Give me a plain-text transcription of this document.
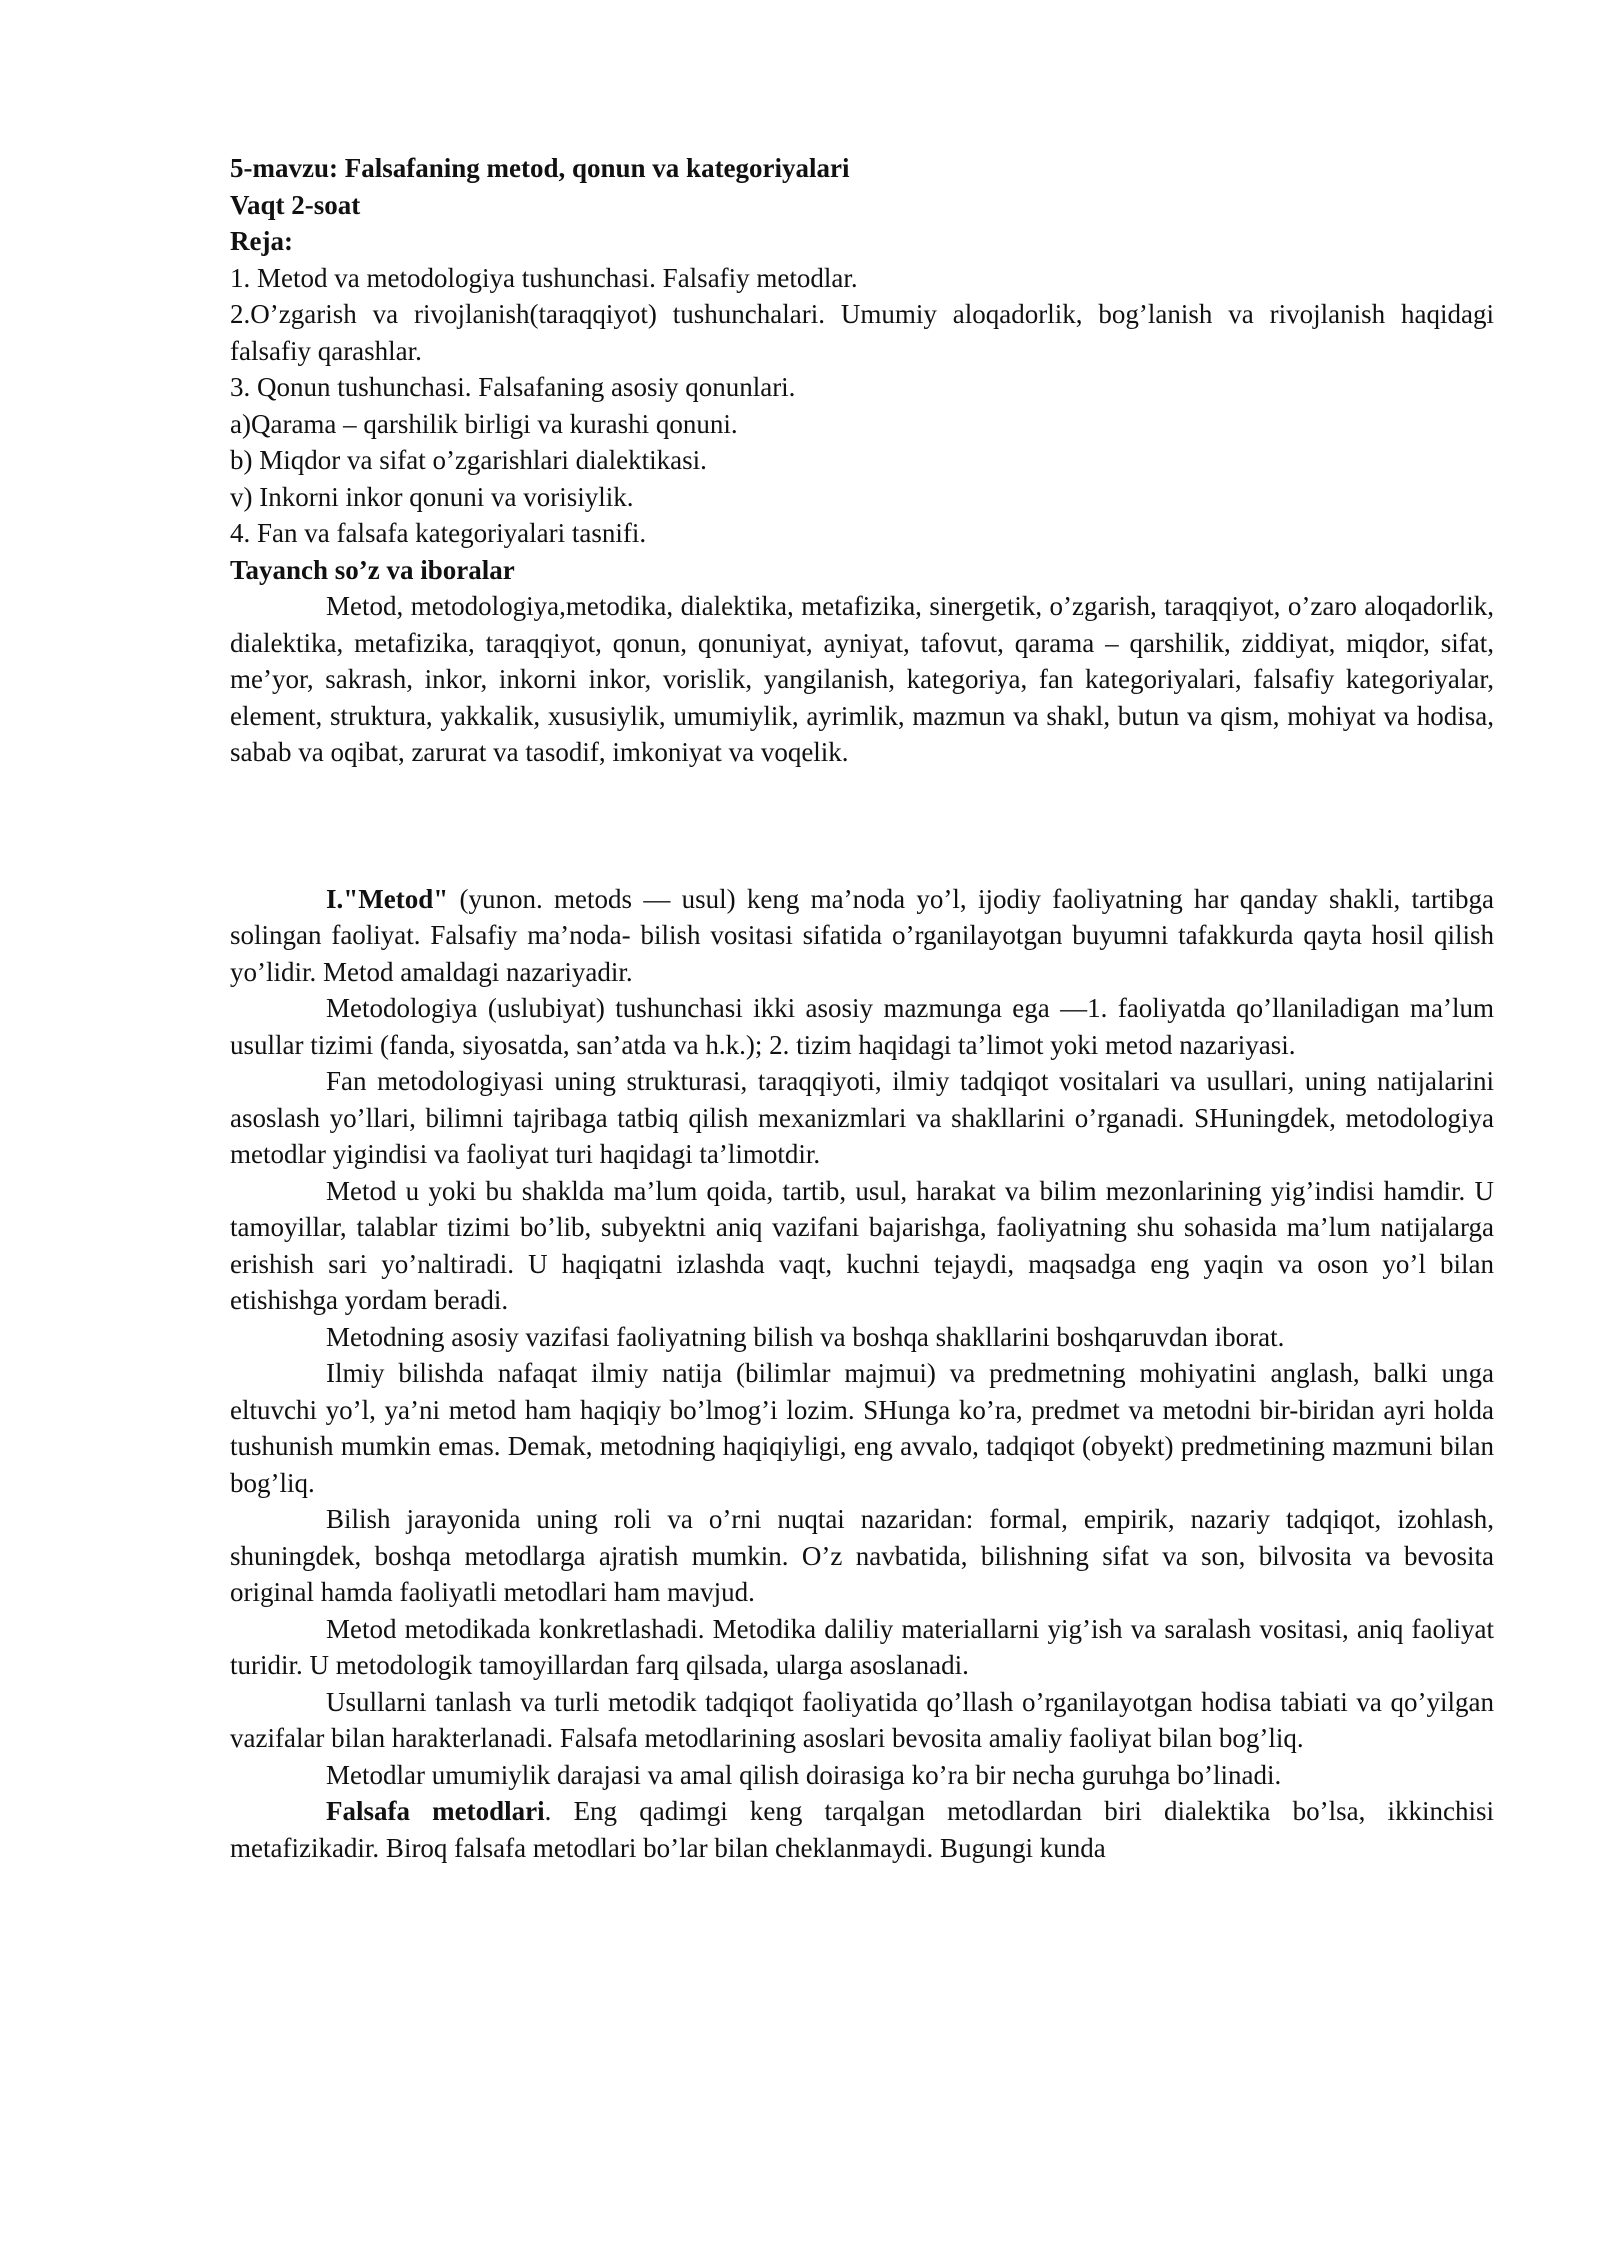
5-mavzu: Falsafaning metod, qonun va kategoriyalari

Vaqt 2-soat

Reja:

1. Metod va metodologiya tushunchasi. Falsafiy metodlar.

2.O’zgarish va rivojlanish(taraqqiyot) tushunchalari. Umumiy aloqadorlik, bog’lanish va rivojlanish haqidagi falsafiy qarashlar.

3. Qonun tushunchasi. Falsafaning asosiy qonunlari.

a)Qarama – qarshilik birligi va kurashi qonuni.

b) Miqdor va sifat o’zgarishlari dialektikasi.

v) Inkorni inkor qonuni va vorisiylik.

4. Fan va falsafa kategoriyalari tasnifi.

Tayanch so’z va iboralar

Metod, metodologiya,metodika, dialektika, metafizika, sinergetik, o’zgarish, taraqqiyot, o’zaro aloqadorlik, dialektika, metafizika, taraqqiyot, qonun, qonuniyat, ayniyat, tafovut, qarama – qarshilik, ziddiyat, miqdor, sifat, me’yor, sakrash, inkor, inkorni inkor, vorislik, yangilanish, kategoriya, fan kategoriyalari, falsafiy kategoriyalar, element, struktura, yakkalik, xususiylik, umumiylik, ayrimlik, mazmun va shakl, butun va qism, mohiyat va hodisa, sabab va oqibat, zarurat va tasodif, imkoniyat va voqelik.

I."Metod" (yunon. metods — usul) keng ma’noda yo’l, ijodiy faoliyatning har qanday shakli, tartibga solingan faoliyat. Falsafiy ma’noda- bilish vositasi sifatida o’rganilayotgan buyumni tafakkurda qayta hosil qilish yo’lidir. Metod amaldagi nazariyadir.

Metodologiya (uslubiyat) tushunchasi ikki asosiy mazmunga ega —1. faoliyatda qo’llaniladigan ma’lum usullar tizimi (fanda, siyosatda, san’atda va h.k.); 2. tizim haqidagi ta’limot yoki metod nazariyasi.

Fan metodologiyasi uning strukturasi, taraqqiyoti, ilmiy tadqiqot vositalari va usullari, uning natijalarini asoslash yo’llari, bilimni tajribaga tatbiq qilish mexanizmlari va shakllarini o’rganadi. SHuningdek, metodologiya metodlar yigindisi va faoliyat turi haqidagi ta’limotdir.

Metod u yoki bu shaklda ma’lum qoida, tartib, usul, harakat va bilim mezonlarining yig’indisi hamdir. U tamoyillar, talablar tizimi bo’lib, subyektni aniq vazifani bajarishga, faoliyatning shu sohasida ma’lum natijalarga erishish sari yo’naltiradi. U haqiqatni izlashda vaqt, kuchni tejaydi, maqsadga eng yaqin va oson yo’l bilan etishishga yordam beradi.

Metodning asosiy vazifasi faoliyatning bilish va boshqa shakllarini boshqaruvdan iborat.

Ilmiy bilishda nafaqat ilmiy natija (bilimlar majmui) va predmetning mohiyatini anglash, balki unga eltuvchi yo’l, ya’ni metod ham haqiqiy bo’lmog’i lozim. SHunga ko’ra, predmet va metodni bir-biridan ayri holda tushunish mumkin emas. Demak, metodning haqiqiyligi, eng avvalo, tadqiqot (obyekt) predmetining mazmuni bilan bog’liq.

Bilish jarayonida uning roli va o’rni nuqtai nazaridan: formal, empirik, nazariy tadqiqot, izohlash, shuningdek, boshqa metodlarga ajratish mumkin. O’z navbatida, bilishning sifat va son, bilvosita va bevosita original hamda faoliyatli metodlari ham mavjud.

Metod metodikada konkretlashadi. Metodika daliliy materiallarni yig’ish va saralash vositasi, aniq faoliyat turidir. U metodologik tamoyillardan farq qilsada, ularga asoslanadi.

Usullarni tanlash va turli metodik tadqiqot faoliyatida qo’llash o’rganilayotgan hodisa tabiati va qo’yilgan vazifalar bilan harakterlanadi. Falsafa metodlarining asoslari bevosita amaliy faoliyat bilan bog’liq.

Metodlar umumiylik darajasi va amal qilish doirasiga ko’ra bir necha guruhga bo’linadi.

Falsafa metodlari. Eng qadimgi keng tarqalgan metodlardan biri dialektika bo’lsa, ikkinchisi metafizikadir. Biroq falsafa metodlari bo’lar bilan cheklanmaydi. Bugungi kunda
